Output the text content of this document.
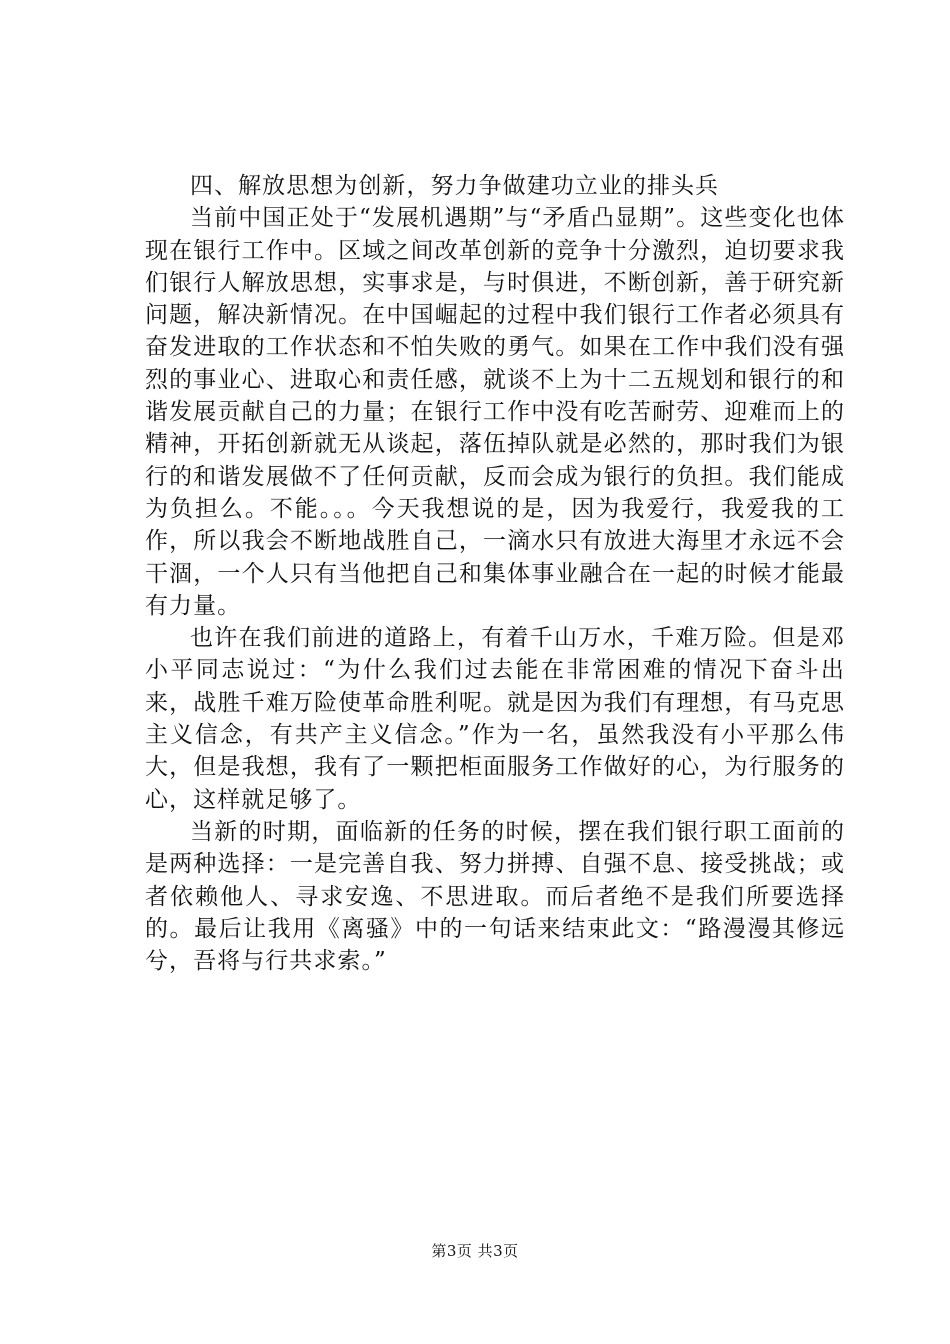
四、解放思想为创新，努力争做建功立业的排头兵

当前中国正处于“发展机遇期”与“矛盾凸显期”。这些变化也体现在银行工作中。区域之间改革创新的竞争十分激烈，迫切要求我们银行人解放思想，实事求是，与时俱进，不断创新，善于研究新问题，解决新情况。在中国崛起的过程中我们银行工作者必须具有奋发进取的工作状态和不怕失败的勇气。如果在工作中我们没有强烈的事业心、进取心和责任感，就谈不上为十二五规划和银行的和谐发展贡献自己的力量；在银行工作中没有吃苦耐劳、迎难而上的精神，开拓创新就无从谈起，落伍掉队就是必然的，那时我们为银行的和谐发展做不了任何贡献，反而会成为银行的负担。我们能成为负担么。不能。。。今天我想说的是，因为我爱行，我爱我的工作，所以我会不断地战胜自己，一滴水只有放进大海里才永远不会干涸，一个人只有当他把自己和集体事业融合在一起的时候才能最有力量。

也许在我们前进的道路上，有着千山万水，千难万险。但是邓小平同志说过：“为什么我们过去能在非常困难的情况下奋斗出来，战胜千难万险使革命胜利呢。就是因为我们有理想，有马克思主义信念，有共产主义信念。”作为一名，虽然我没有小平那么伟大，但是我想，我有了一颗把柜面服务工作做好的心，为行服务的心，这样就足够了。

当新的时期，面临新的任务的时候，摆在我们银行职工面前的是两种选择：一是完善自我、努力拼搏、自强不息、接受挑战；或者依赖他人、寻求安逸、不思进取。而后者绝不是我们所要选择的。最后让我用《离骚》中的一句话来结束此文：“路漫漫其修远兮，吾将与行共求索。”

第3页 共3页
